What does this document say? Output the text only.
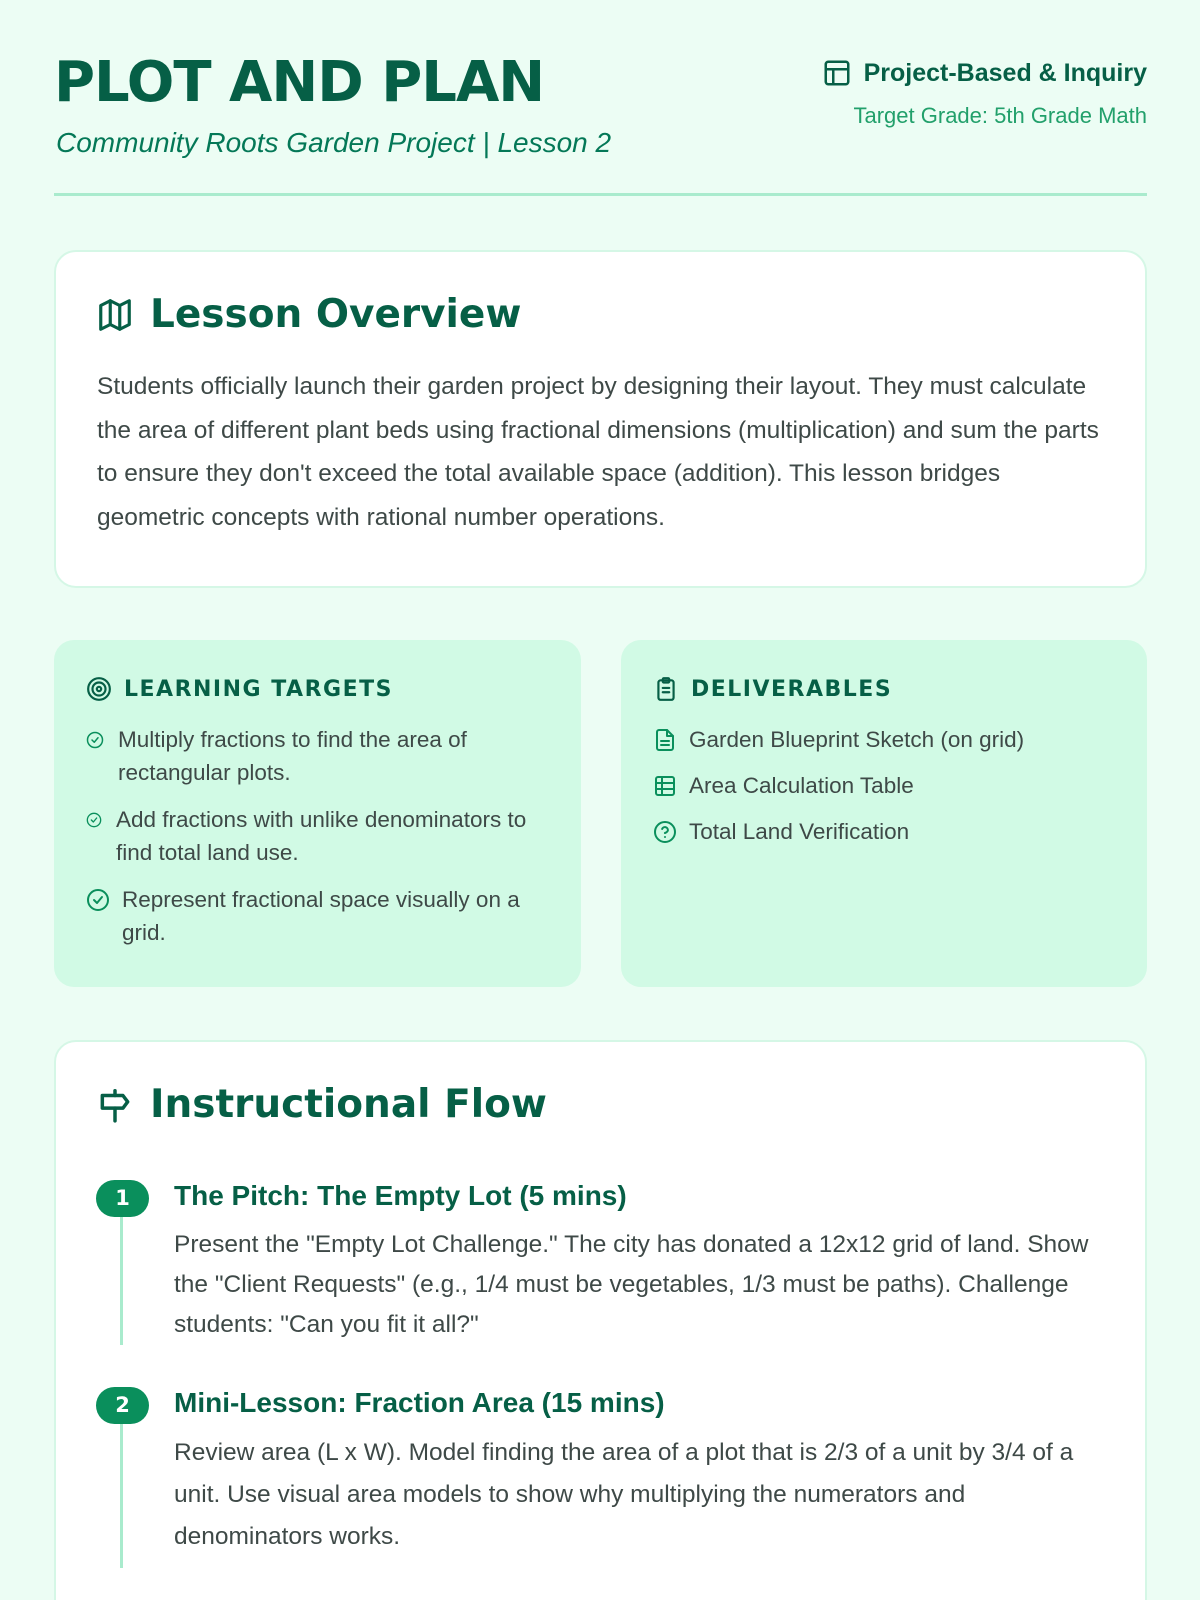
PLOT AND PLAN
Community Roots Garden Project | Lesson 2
Project-Based & Inquiry
Target Grade: 5th Grade Math
Lesson Overview

Students officially launch their garden project by designing their layout. They must calculate the area of different plant beds using fractional dimensions (multiplication) and sum the parts to ensure they don't exceed the total available space (addition). This lesson bridges geometric concepts with rational number operations.

LEARNING TARGETS
Multiply fractions to find the area of rectangular plots.
Add fractions with unlike denominators to find total land use.
Represent fractional space visually on a grid.
DELIVERABLES
Garden Blueprint Sketch (on grid)
Area Calculation Table
Total Land Verification
Instructional Flow
1	The Pitch: The Empty Lot (5 mins)
Present the "Empty Lot Challenge." The city has donated a 12x12 grid of land. Show the "Client Requests" (e.g., 1/4 must be vegetables, 1/3 must be paths). Challenge students: "Can you fit it all?"
2	Mini-Lesson: Fraction Area (15 mins)
Review area (L x W). Model finding the area of a plot that is 2/3 of a unit by 3/4 of a unit. Use visual area models to show why multiplying the numerators and denominators works.
